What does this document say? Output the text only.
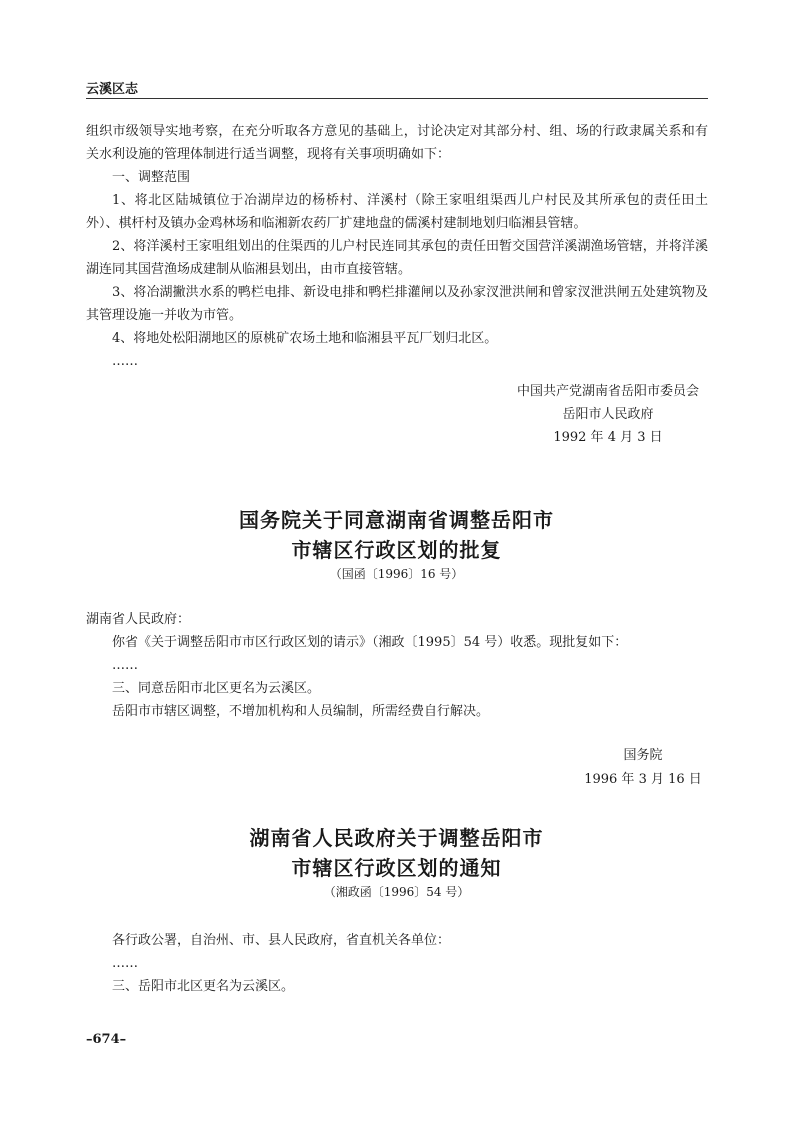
云溪区志
组织市级领导实地考察，在充分听取各方意见的基础上，讨论决定对其部分村、组、场的行政隶属关系和有关水利设施的管理体制进行适当调整，现将有关事项明确如下：
一、调整范围
1、将北区陆城镇位于冶湖岸边的杨桥村、洋溪村（除王家咀组渠西儿户村民及其所承包的责任田土外）、棋杆村及镇办金鸡林场和临湘新农药厂扩建地盘的儒溪村建制地划归临湘县管辖。
2、将洋溪村王家咀组划出的住渠西的儿户村民连同其承包的责任田暂交国营洋溪湖渔场管辖，并将洋溪湖连同其国营渔场成建制从临湘县划出，由市直接管辖。
3、将冶湖撇洪水系的鸭栏电排、新设电排和鸭栏排灌闸以及孙家汊泄洪闸和曾家汊泄洪闸五处建筑物及其管理设施一并收为市管。
4、将地处松阳湖地区的原桃矿农场土地和临湘县平瓦厂划归北区。
……
中国共产党湖南省岳阳市委员会
岳阳市人民政府
1992 年 4 月 3 日
国务院关于同意湖南省调整岳阳市
市辖区行政区划的批复
（国函〔1996〕16 号）
湖南省人民政府：
你省《关于调整岳阳市市区行政区划的请示》（湘政〔1995〕54 号）收悉。现批复如下：
……
三、同意岳阳市北区更名为云溪区。
岳阳市市辖区调整，不增加机构和人员编制，所需经费自行解决。
国务院
1996 年 3 月 16 日
湖南省人民政府关于调整岳阳市
市辖区行政区划的通知
（湘政函〔1996〕54 号）
各行政公署，自治州、市、县人民政府，省直机关各单位：
……
三、岳阳市北区更名为云溪区。
–674–
